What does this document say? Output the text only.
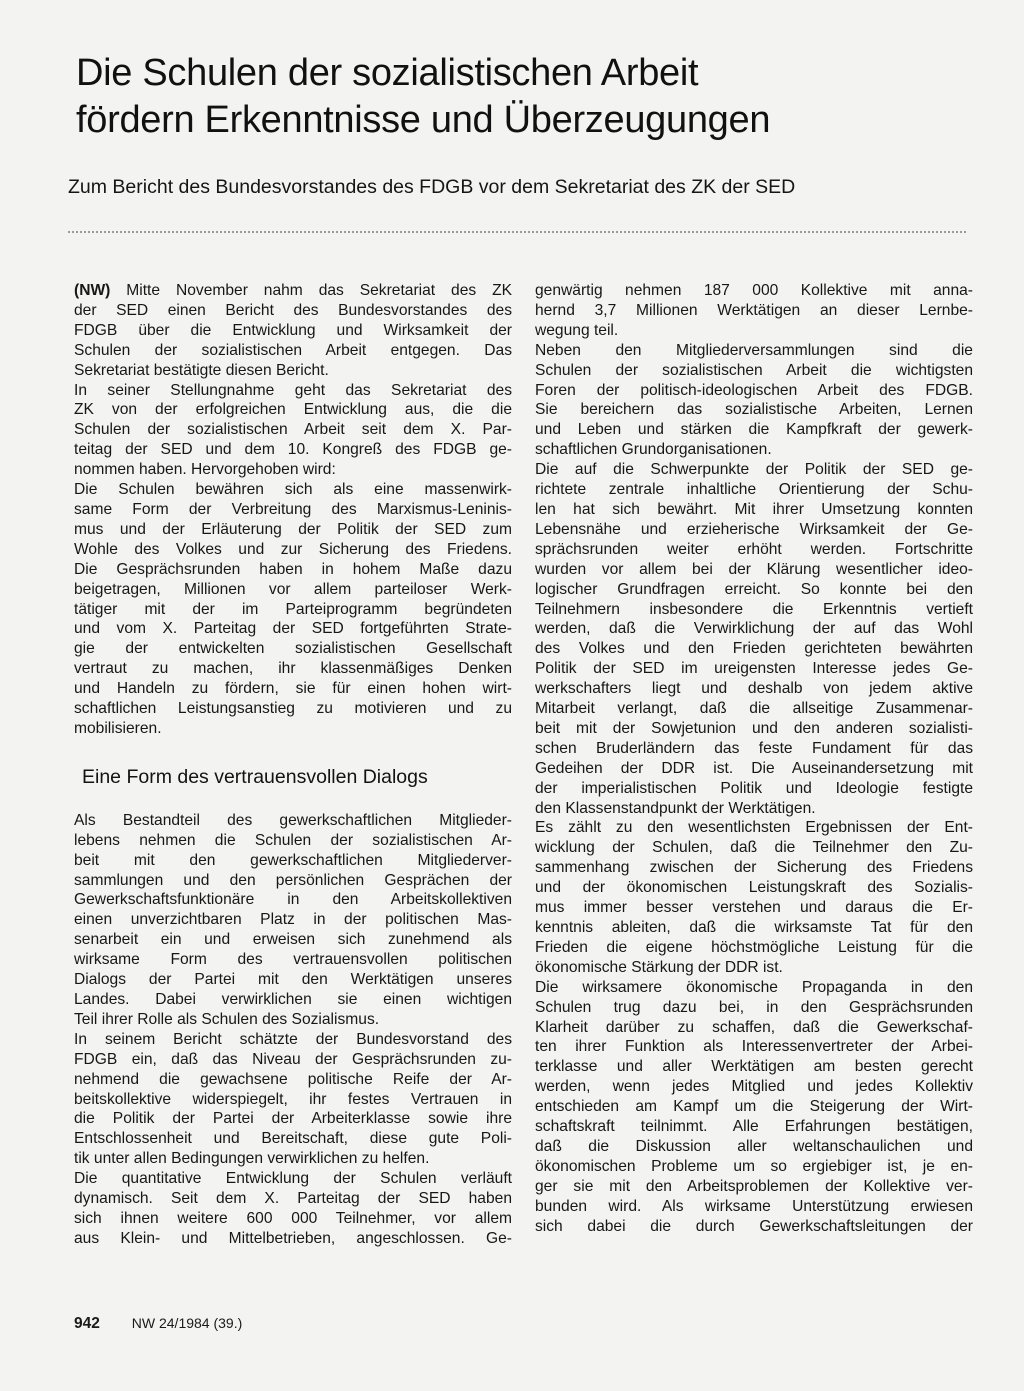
Die Schulen der sozialistischen Arbeit
fördern Erkenntnisse und Überzeugungen

Zum Bericht des Bundesvorstandes des FDGB vor dem Sekretariat des ZK der SED

(NW) Mitte November nahm das Sekretariat des ZK
der SED einen Bericht des Bundesvorstandes des
FDGB über die Entwicklung und Wirksamkeit der
Schulen der sozialistischen Arbeit entgegen. Das
Sekretariat bestätigte diesen Bericht.

In seiner Stellungnahme geht das Sekretariat des
ZK von der erfolgreichen Entwicklung aus, die die
Schulen der sozialistischen Arbeit seit dem X. Par-
teitag der SED und dem 10. Kongreß des FDGB ge-
nommen haben. Hervorgehoben wird:

Die Schulen bewähren sich als eine massenwirk-
same Form der Verbreitung des Marxismus-Leninis-
mus und der Erläuterung der Politik der SED zum
Wohle des Volkes und zur Sicherung des Friedens.
Die Gesprächsrunden haben in hohem Maße dazu
beigetragen, Millionen vor allem parteiloser Werk-
tätiger mit der im Parteiprogramm begründeten
und vom X. Parteitag der SED fortgeführten Strate-
gie der entwickelten sozialistischen Gesellschaft
vertraut zu machen, ihr klassenmäßiges Denken
und Handeln zu fördern, sie für einen hohen wirt-
schaftlichen Leistungsanstieg zu motivieren und zu
mobilisieren.

Eine Form des vertrauensvollen Dialogs

Als Bestandteil des gewerkschaftlichen Mitglieder-
lebens nehmen die Schulen der sozialistischen Ar-
beit mit den gewerkschaftlichen Mitgliederver-
sammlungen und den persönlichen Gesprächen der
Gewerkschaftsfunktionäre in den Arbeitskollektiven
einen unverzichtbaren Platz in der politischen Mas-
senarbeit ein und erweisen sich zunehmend als
wirksame Form des vertrauensvollen politischen
Dialogs der Partei mit den Werktätigen unseres
Landes. Dabei verwirklichen sie einen wichtigen
Teil ihrer Rolle als Schulen des Sozialismus.

In seinem Bericht schätzte der Bundesvorstand des
FDGB ein, daß das Niveau der Gesprächsrunden zu-
nehmend die gewachsene politische Reife der Ar-
beitskollektive widerspiegelt, ihr festes Vertrauen in
die Politik der Partei der Arbeiterklasse sowie ihre
Entschlossenheit und Bereitschaft, diese gute Poli-
tik unter allen Bedingungen verwirklichen zu helfen.

Die quantitative Entwicklung der Schulen verläuft
dynamisch. Seit dem X. Parteitag der SED haben
sich ihnen weitere 600 000 Teilnehmer, vor allem
aus Klein- und Mittelbetrieben, angeschlossen. Ge-

genwärtig nehmen 187 000 Kollektive mit anna-
hernd 3,7 Millionen Werktätigen an dieser Lernbe-
wegung teil.

Neben den Mitgliederversammlungen sind die
Schulen der sozialistischen Arbeit die wichtigsten
Foren der politisch-ideologischen Arbeit des FDGB.
Sie bereichern das sozialistische Arbeiten, Lernen
und Leben und stärken die Kampfkraft der gewerk-
schaftlichen Grundorganisationen.

Die auf die Schwerpunkte der Politik der SED ge-
richtete zentrale inhaltliche Orientierung der Schu-
len hat sich bewährt. Mit ihrer Umsetzung konnten
Lebensnähe und erzieherische Wirksamkeit der Ge-
sprächsrunden weiter erhöht werden. Fortschritte
wurden vor allem bei der Klärung wesentlicher ideo-
logischer Grundfragen erreicht. So konnte bei den
Teilnehmern insbesondere die Erkenntnis vertieft
werden, daß die Verwirklichung der auf das Wohl
des Volkes und den Frieden gerichteten bewährten
Politik der SED im ureigensten Interesse jedes Ge-
werkschafters liegt und deshalb von jedem aktive
Mitarbeit verlangt, daß die allseitige Zusammenar-
beit mit der Sowjetunion und den anderen sozialisti-
schen Bruderländern das feste Fundament für das
Gedeihen der DDR ist. Die Auseinandersetzung mit
der imperialistischen Politik und Ideologie festigte
den Klassenstandpunkt der Werktätigen.

Es zählt zu den wesentlichsten Ergebnissen der Ent-
wicklung der Schulen, daß die Teilnehmer den Zu-
sammenhang zwischen der Sicherung des Friedens
und der ökonomischen Leistungskraft des Sozialis-
mus immer besser verstehen und daraus die Er-
kenntnis ableiten, daß die wirksamste Tat für den
Frieden die eigene höchstmögliche Leistung für die
ökonomische Stärkung der DDR ist.

Die wirksamere ökonomische Propaganda in den
Schulen trug dazu bei, in den Gesprächsrunden
Klarheit darüber zu schaffen, daß die Gewerkschaf-
ten ihrer Funktion als Interessenvertreter der Arbei-
terklasse und aller Werktätigen am besten gerecht
werden, wenn jedes Mitglied und jedes Kollektiv
entschieden am Kampf um die Steigerung der Wirt-
schaftskraft teilnimmt. Alle Erfahrungen bestätigen,
daß die Diskussion aller weltanschaulichen und
ökonomischen Probleme um so ergiebiger ist, je en-
ger sie mit den Arbeitsproblemen der Kollektive ver-
bunden wird. Als wirksame Unterstützung erwiesen
sich dabei die durch Gewerkschaftsleitungen der

942 NW 24/1984 (39.)
